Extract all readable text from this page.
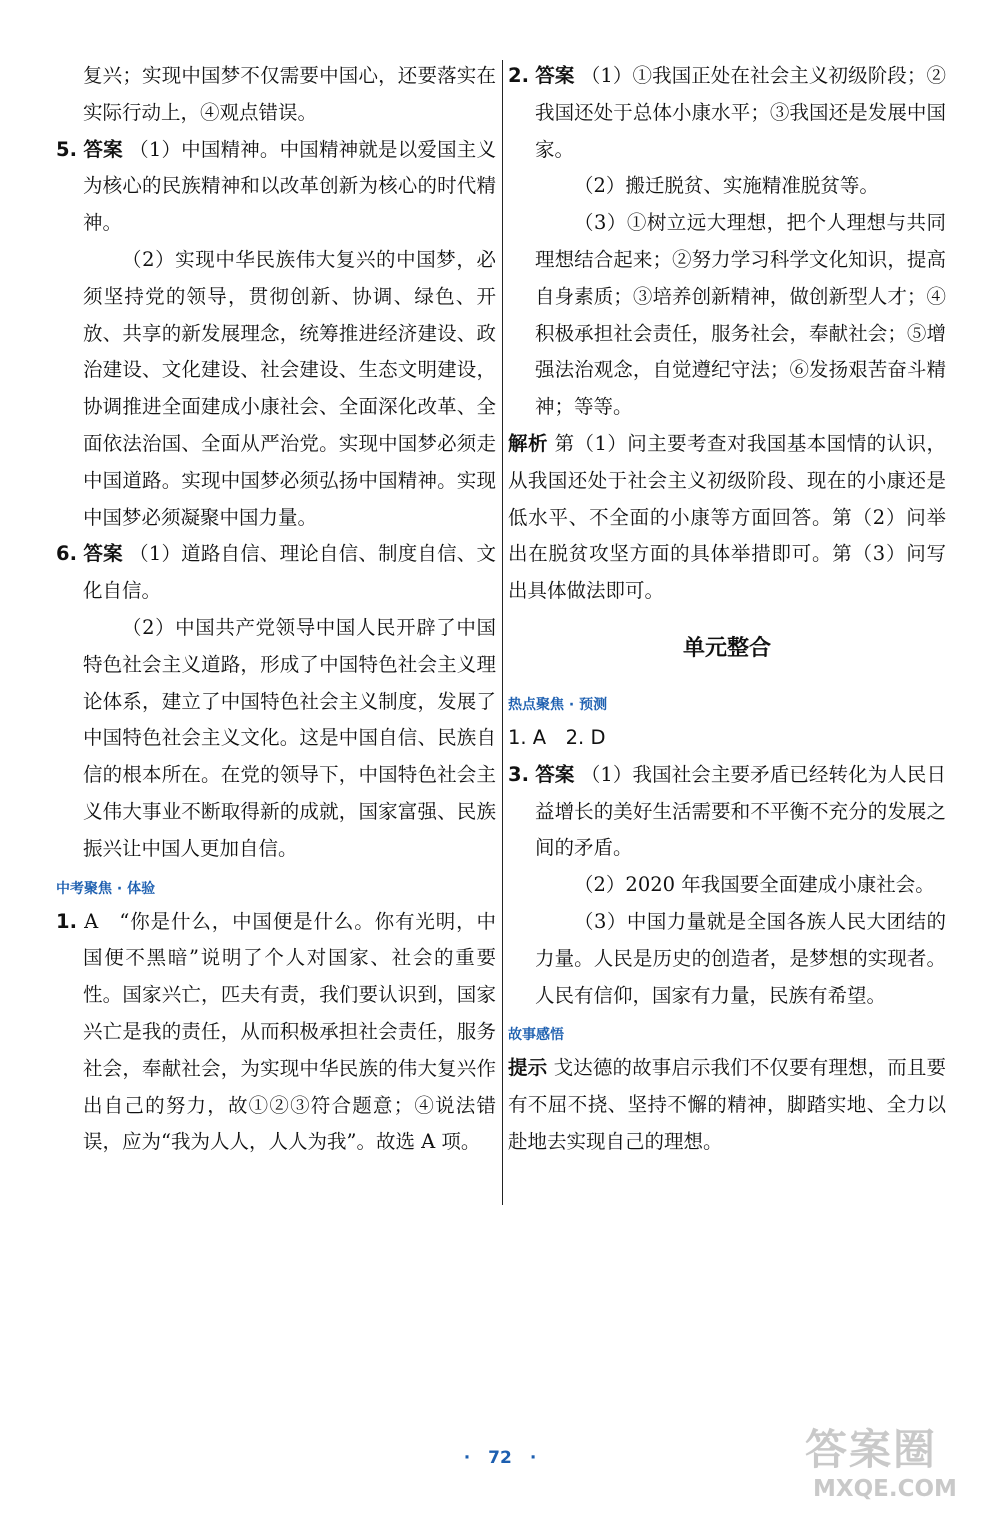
复兴；实现中国梦不仅需要中国心，还要落实在实际行动上，④观点错误。

5. 答案 （1）中国精神。中国精神就是以爱国主义为核心的民族精神和以改革创新为核心的时代精神。

（2）实现中华民族伟大复兴的中国梦，必须坚持党的领导，贯彻创新、协调、绿色、开放、共享的新发展理念，统筹推进经济建设、政治建设、文化建设、社会建设、生态文明建设，协调推进全面建成小康社会、全面深化改革、全面依法治国、全面从严治党。实现中国梦必须走中国道路。实现中国梦必须弘扬中国精神。实现中国梦必须凝聚中国力量。

6. 答案 （1）道路自信、理论自信、制度自信、文化自信。

（2）中国共产党领导中国人民开辟了中国特色社会主义道路，形成了中国特色社会主义理论体系，建立了中国特色社会主义制度，发展了中国特色社会主义文化。这是中国自信、民族自信的根本所在。在党的领导下，中国特色社会主义伟大事业不断取得新的成就，国家富强、民族振兴让中国人更加自信。

中考聚焦 · 体验

1. A　“你是什么，中国便是什么。你有光明，中国便不黑暗”说明了个人对国家、社会的重要性。国家兴亡，匹夫有责，我们要认识到，国家兴亡是我的责任，从而积极承担社会责任，服务社会，奉献社会，为实现中华民族的伟大复兴作出自己的努力，故①②③符合题意；④说法错误，应为“我为人人，人人为我”。故选 A 项。

2. 答案 （1）①我国正处在社会主义初级阶段；②我国还处于总体小康水平；③我国还是发展中国家。

（2）搬迁脱贫、实施精准脱贫等。

（3）①树立远大理想，把个人理想与共同理想结合起来；②努力学习科学文化知识，提高自身素质；③培养创新精神，做创新型人才；④积极承担社会责任，服务社会，奉献社会；⑤增强法治观念，自觉遵纪守法；⑥发扬艰苦奋斗精神；等等。

解析 第（1）问主要考查对我国基本国情的认识，从我国还处于社会主义初级阶段、现在的小康还是低水平、不全面的小康等方面回答。第（2）问举出在脱贫攻坚方面的具体举措即可。第（3）问写出具体做法即可。

单元整合
热点聚焦 · 预测

1. A　2. D

3. 答案 （1）我国社会主要矛盾已经转化为人民日益增长的美好生活需要和不平衡不充分的发展之间的矛盾。

（2）2020 年我国要全面建成小康社会。

（3）中国力量就是全国各族人民大团结的力量。人民是历史的创造者，是梦想的实现者。人民有信仰，国家有力量，民族有希望。

故事感悟

提示 戈达德的故事启示我们不仅要有理想，而且要有不屈不挠、坚持不懈的精神，脚踏实地、全力以赴地去实现自己的理想。

· 72 ·	答案圈
MXQE.COM
